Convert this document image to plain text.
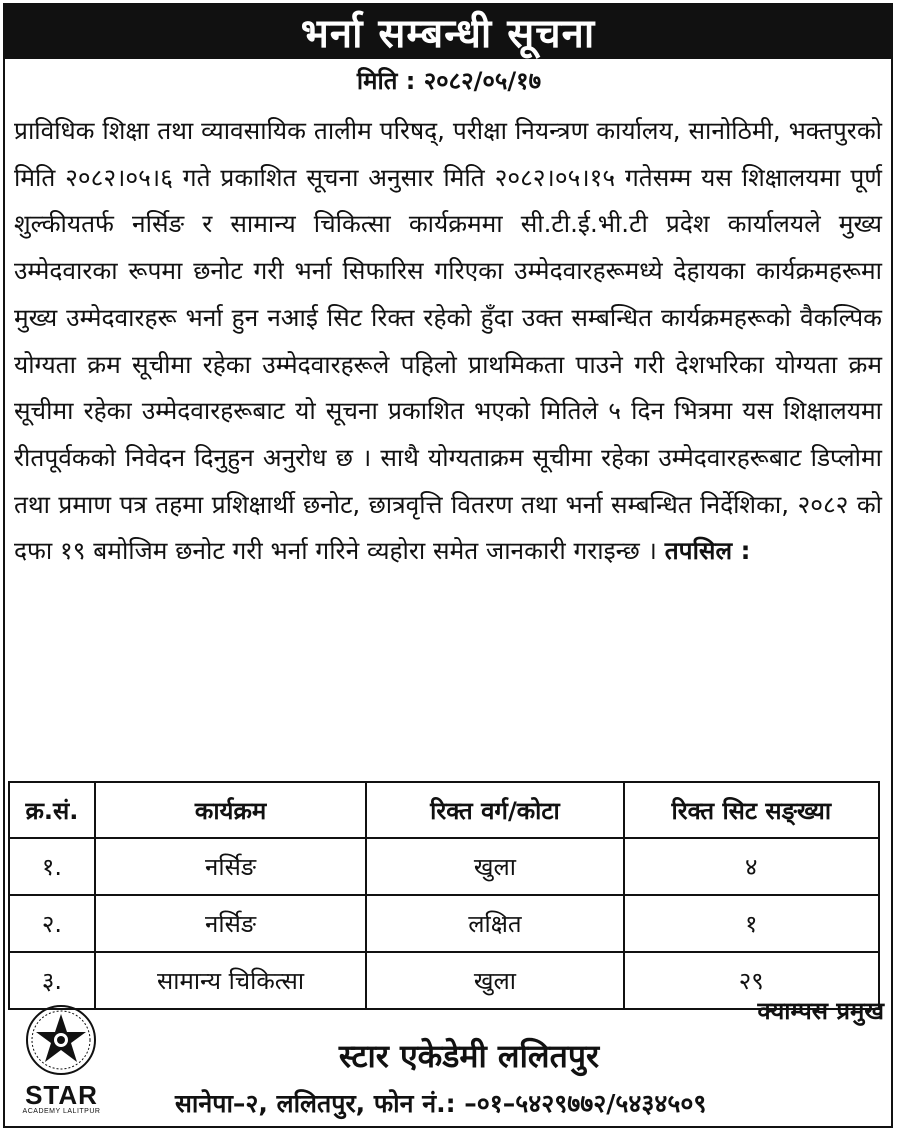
भर्ना सम्बन्धी सूचना
मिति : २०८२/०५/१७
प्राविधिक शिक्षा तथा व्यावसायिक तालीम परिषद्, परीक्षा नियन्त्रण कार्यालय, सानोठिमी, भक्तपुरको मिति २०८२।०५।६ गते प्रकाशित सूचना अनुसार मिति २०८२।०५।१५ गतेसम्म यस शिक्षालयमा पूर्ण शुल्कीयतर्फ नर्सिङ र सामान्य चिकित्सा कार्यक्रममा सी.टी.ई.भी.टी प्रदेश कार्यालयले मुख्य उम्मेदवारका रूपमा छनोट गरी भर्ना सिफारिस गरिएका उम्मेदवारहरूमध्ये देहायका कार्यक्रमहरूमा मुख्य उम्मेदवारहरू भर्ना हुन नआई सिट रिक्त रहेको हुँदा उक्त सम्बन्धित कार्यक्रमहरूको वैकल्पिक योग्यता क्रम सूचीमा रहेका उम्मेदवारहरूले पहिलो प्राथमिकता पाउने गरी देशभरिका योग्यता क्रम सूचीमा रहेका उम्मेदवारहरूबाट यो सूचना प्रकाशित भएको मितिले ५ दिन भित्रमा यस शिक्षालयमा रीतपूर्वकको निवेदन दिनुहुन अनुरोध छ । साथै योग्यताक्रम सूचीमा रहेका उम्मेदवारहरूबाट डिप्लोमा तथा प्रमाण पत्र तहमा प्रशिक्षार्थी छनोट, छात्रवृत्ति वितरण तथा भर्ना सम्बन्धित निर्देशिका, २०८२ को दफा १९ बमोजिम छनोट गरी भर्ना गरिने व्यहोरा समेत जानकारी गराइन्छ । तपसिल :
क्र.सं.	कार्यक्रम	रिक्त वर्ग/कोटा	रिक्त सिट सङ्ख्या
१.	नर्सिङ	खुला	४
२.	नर्सिङ	लक्षित	१
३.	सामान्य चिकित्सा	खुला	२९
क्याम्पस प्रमुख
STAR
ACADEMY LALITPUR
स्टार एकेडेमी ललितपुर
सानेपा–२, ललितपुर, फोन नं.: –०१–५४२९७७२/५४३४५०९
